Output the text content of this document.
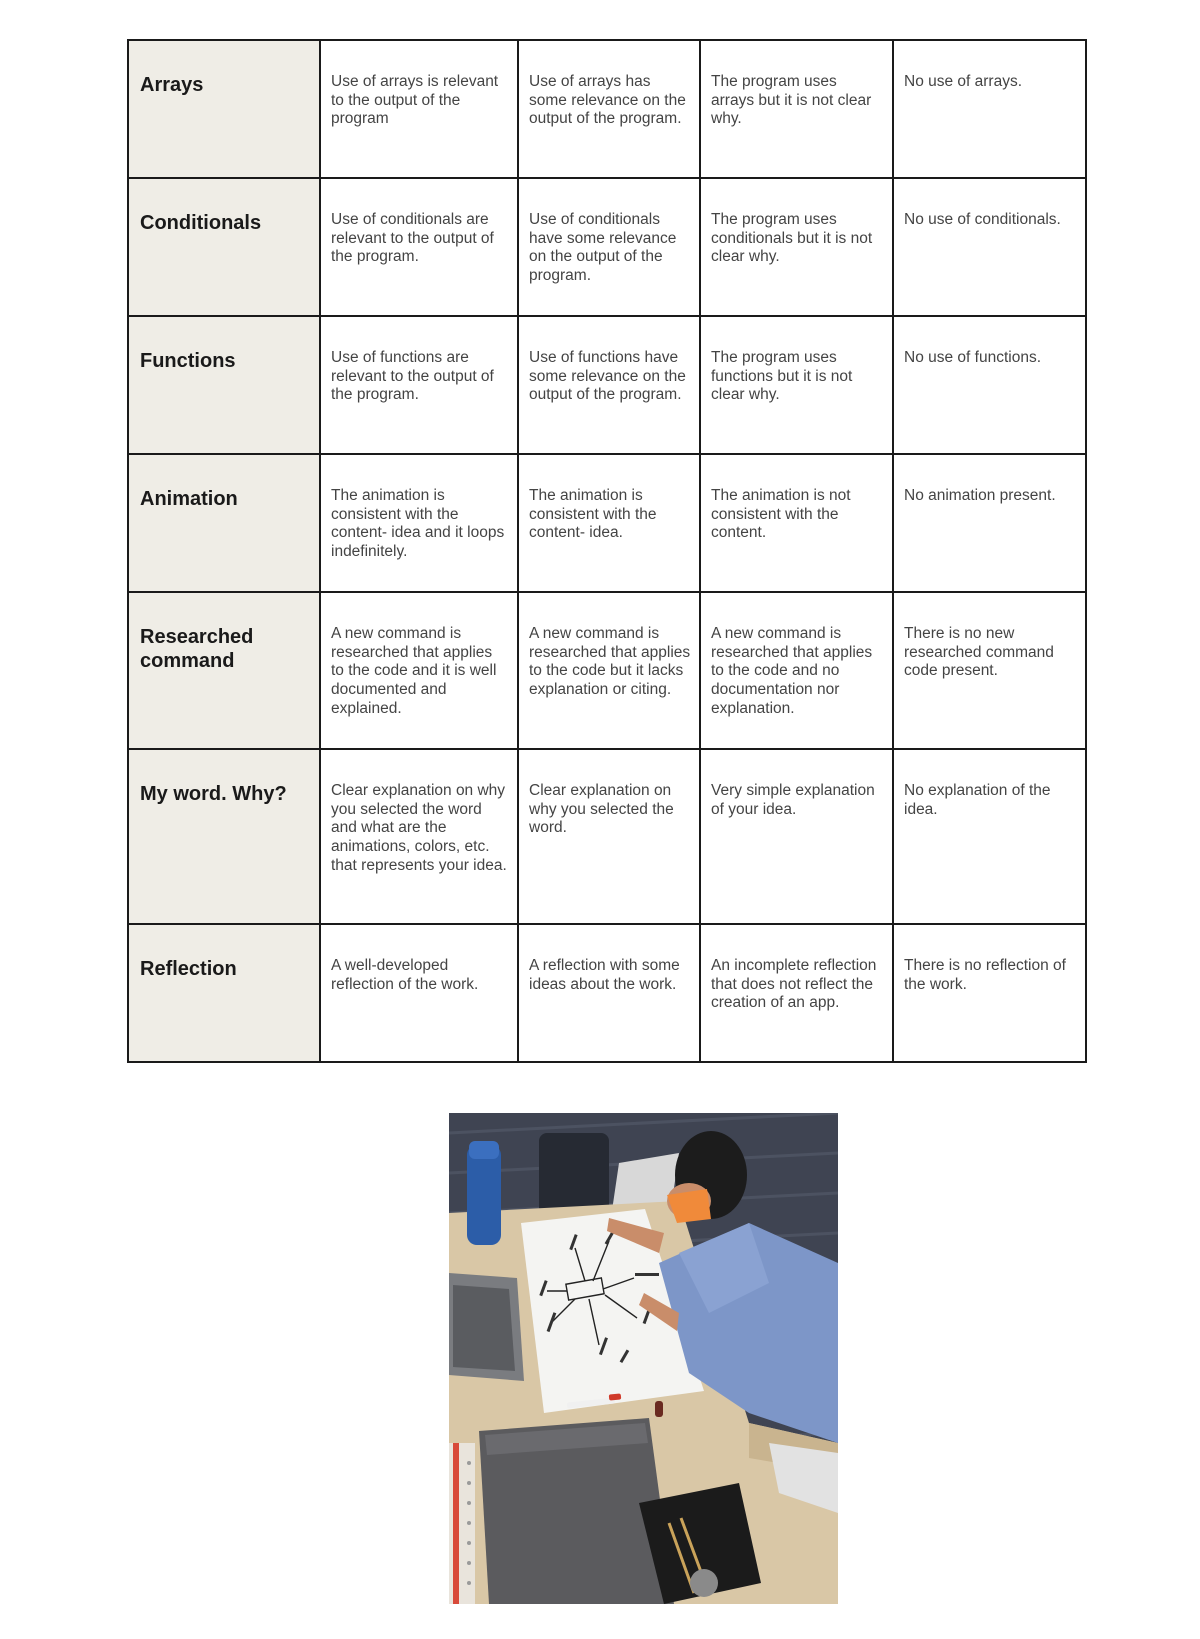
Arrays	Use of arrays is relevant to the output of the program	Use of arrays has some relevance on the output of the program.	The program uses arrays but it is not clear why.	No use of arrays.
Conditionals	Use of conditionals are relevant to the output of the program.	Use of conditionals have some relevance on the output of the program.	The program uses conditionals but it is not clear why.	No use of conditionals.
Functions	Use of functions are relevant to the output of the program.	Use of functions have some relevance on the output of the program.	The program uses functions but it is not clear why.	No use of functions.
Animation	The animation is consistent with the content- idea and it loops indefinitely.	The animation is consistent with the content- idea.	The animation is not consistent with the content.	No animation present.
Researched command	A new command is researched that applies to the code and it is well documented and explained.	A new command is researched that applies to the code but it lacks explanation or citing.	A new command is researched that applies to the code and no documentation nor explanation.	There is no new researched command code present.
My word. Why?	Clear explanation on why you selected the word and what are the animations, colors, etc. that represents your idea.	Clear explanation on why you selected the word.	Very simple explanation of your idea.	No explanation of the idea.
Reflection	A well-developed reflection of the work.	A reflection with some ideas about the work.	An incomplete reflection that does not reflect the creation of an app.	There is no reflection of the work.
